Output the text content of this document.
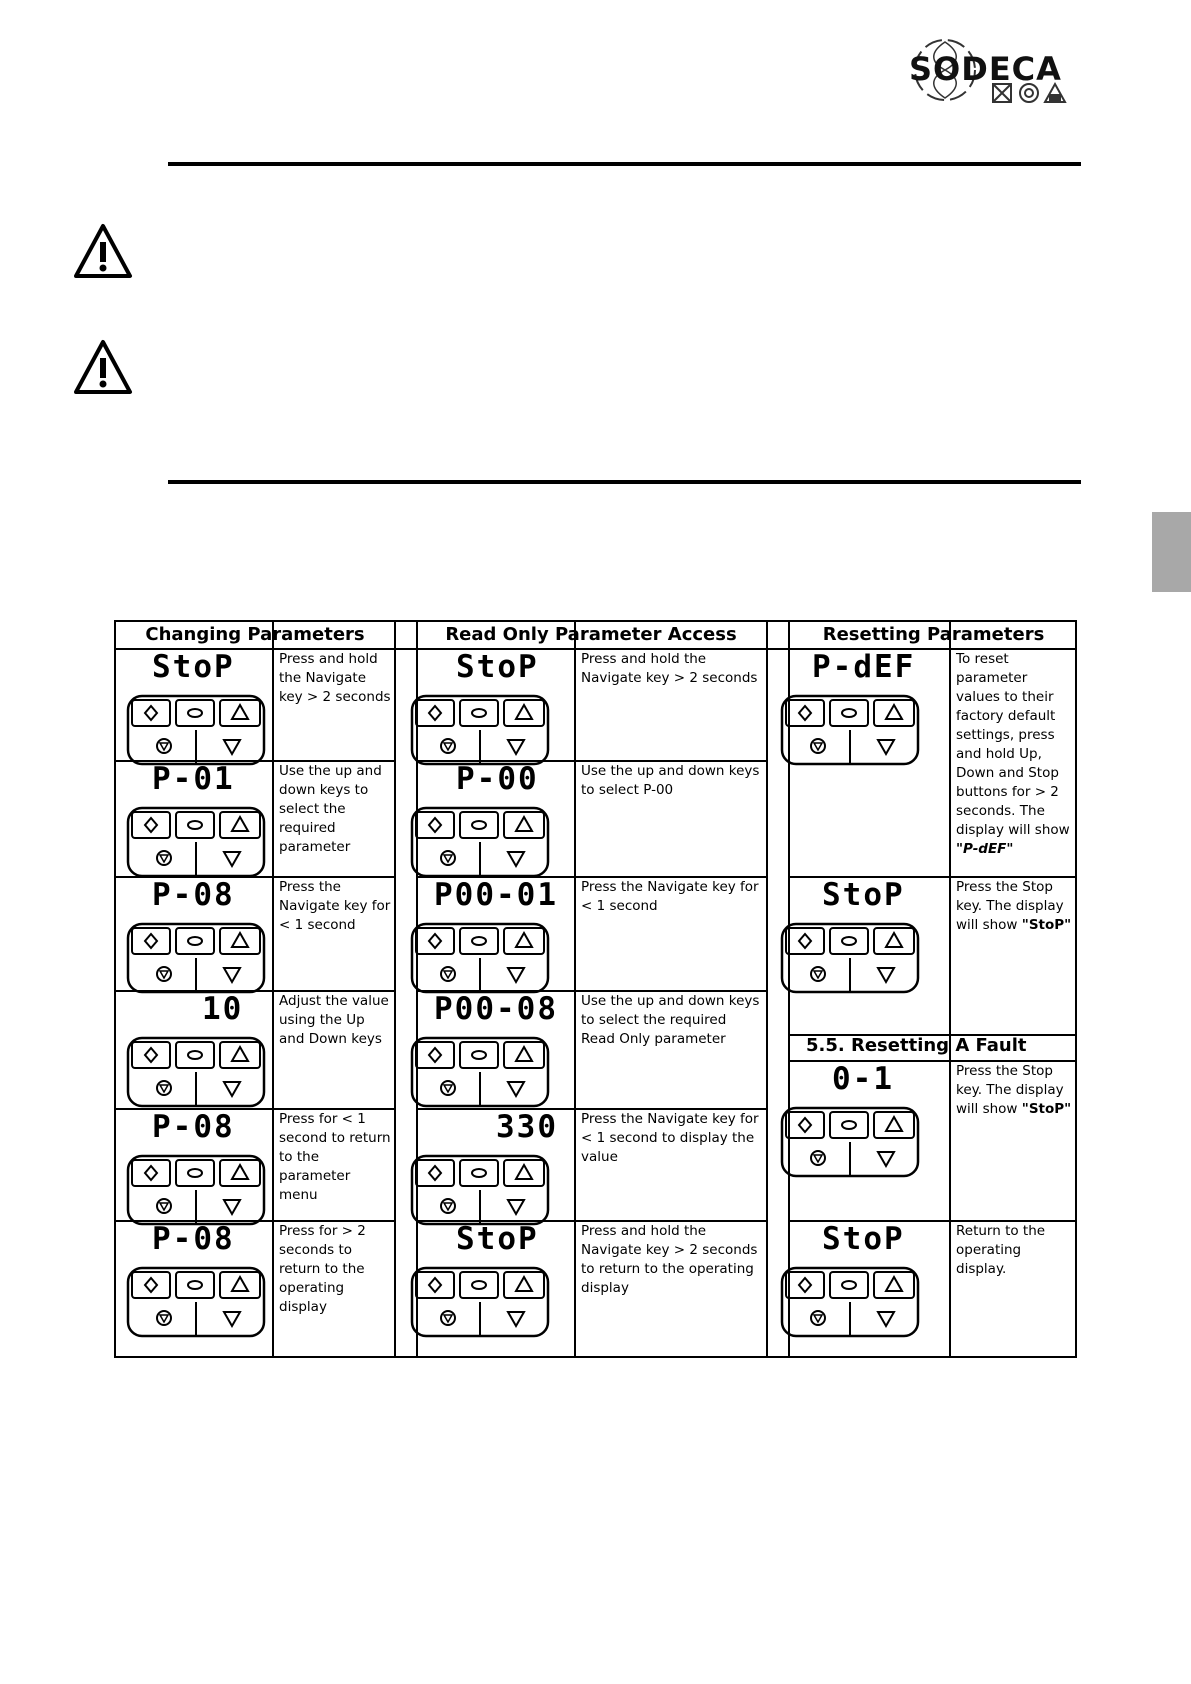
SODECA
Changing Parameters	Read Only Parameter Access	Resetting Parameters
StoP	Press and hold the Navigate key > 2 seconds
P-01	Use the up and down keys to select the required parameter
P-08	Press the Navigate key for < 1 second
10	Adjust the value using the Up and Down keys
P-08	Press for < 1 second to return to the parameter menu
P-08	Press for > 2 seconds to return to the operating display
StoP	Press and hold the Navigate key > 2 seconds
P-00	Use the up and down keys to select P-00
P00-01 Press the Navigate key for < 1 second
P00-08 Use the up and down keys to select the required Read Only parameter
330 Press the Navigate key for < 1 second to display the value
StoP	Press and hold the Navigate key > 2 seconds to return to the operating display
P-dEF	To reset parameter values to their factory default settings, press and hold Up, Down and Stop buttons for > 2 seconds. The display will show "P-dEF"
StoP	Press the Stop key. The display will show "StoP"
5.5. Resetting A Fault
0-1	Press the Stop key. The display will show "StoP"
StoP	Return to the operating display.
